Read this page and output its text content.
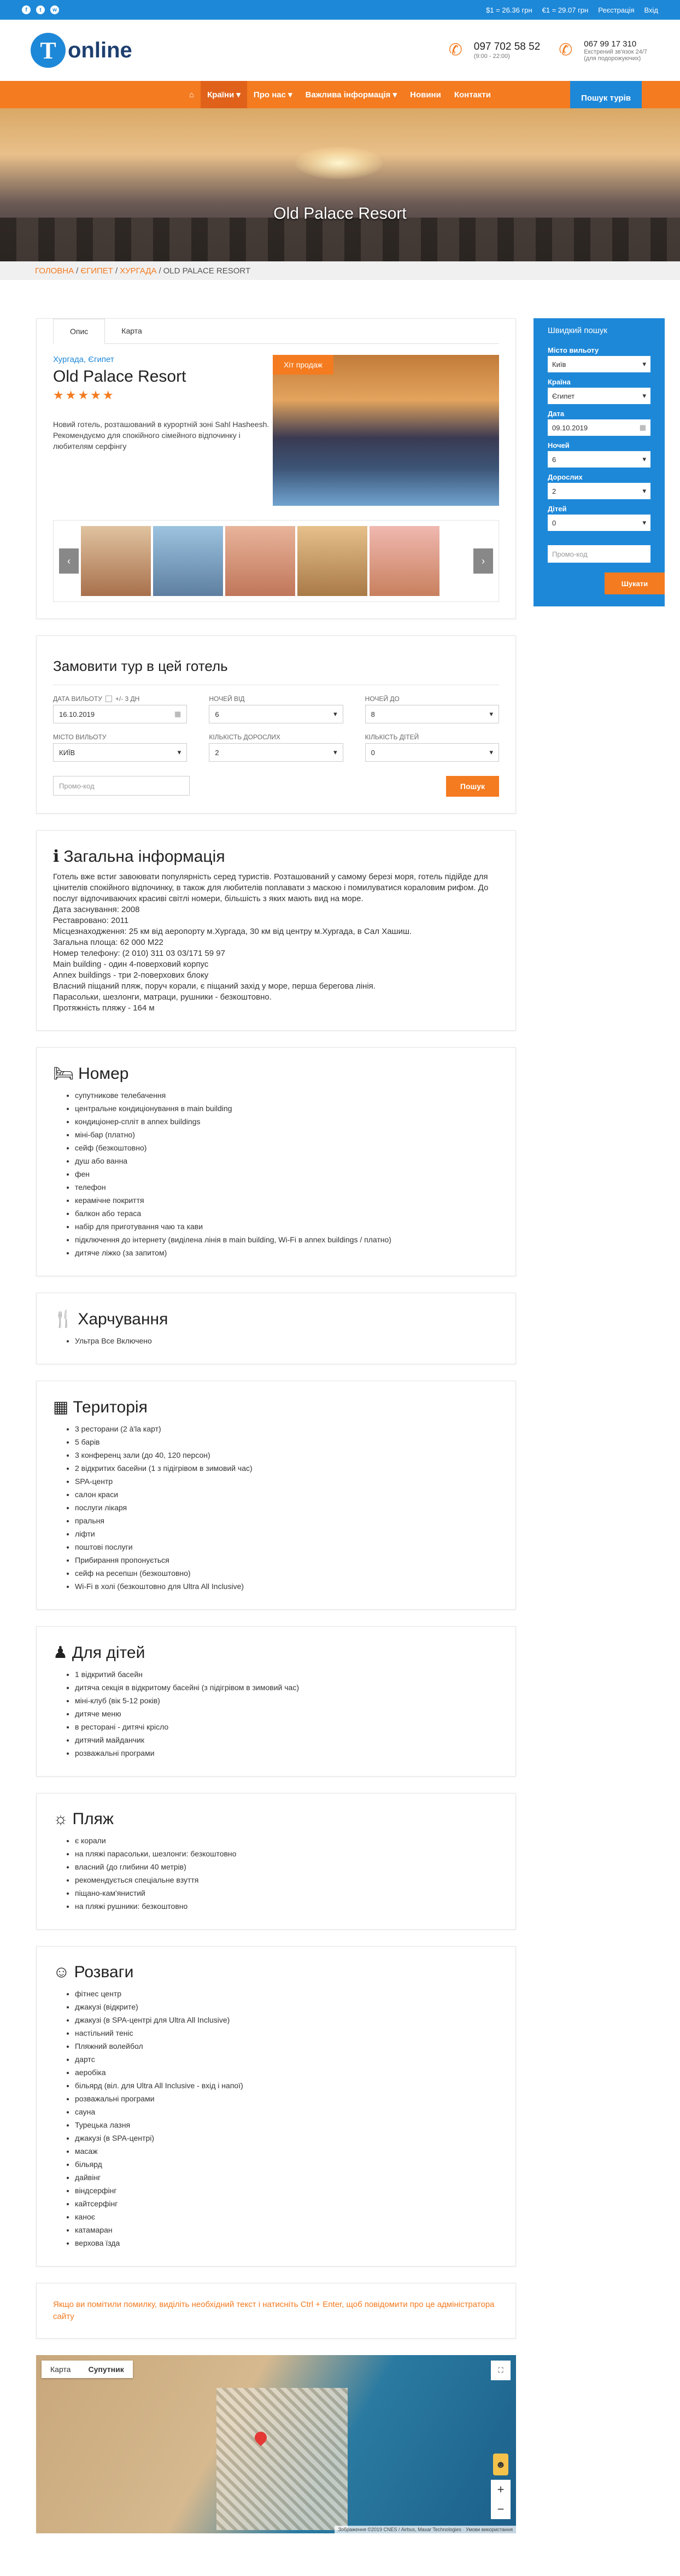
f	t	w	$1 = 26.36 грн €1 = 29.07 грн Реєстрація Вхід
T online	✆	097 702 58 52
(9:00 - 22:00)	✆	067 99 17 310
Екстрений зв'язок 24/7
(для подорожуючих)
⌂	Країни ▾	Про нас ▾	Важлива інформація ▾	Новини	Контакти	Пошук турів
Old Palace Resort
ГОЛОВНА / ЄГИПЕТ / ХУРГАДА / OLD PALACE RESORT
Опис	Карта
Хургада, Єгипет
Old Palace Resort
★★★★★
Новий готель, розташований в курортній зоні Sahl Hasheesh. Рекомендуємо для спокійного сімейного відпочинку і любителям серфінгу
Хіт продаж
‹	›
Замовити тур в цей готель
ДАТА ВИЛЬОТУ +/- 3 ДН
16.10.2019	▦
НОЧЕЙ ВІД
6	▾
НОЧЕЙ ДО
8	▾
МІСТО ВИЛЬОТУ
КИЇВ	▾
КІЛЬКІСТЬ ДОРОСЛИХ
2	▾
КІЛЬКІСТЬ ДІТЕЙ
0	▾
Промо-код	Пошук
ℹ Загальна інформація

Готель вже встиг завоювати популярність серед туристів. Розташований у самому березі моря, готель підійде для цінителів спокійного відпочинку, в також для любителів поплавати з маскою і помилуватися кораловим рифом. До послуг відпочиваючих красиві світлі номери, більшість з яких мають вид на море.

Дата заснування: 2008

Реставровано: 2011

Місцезнаходження: 25 км від аеропорту м.Хургада, 30 км від центру м.Хургада, в Сал Хашиш.

Загальна площа: 62 000 М22

Номер телефону: (2 010) 311 03 03/171 59 97

Main building - один 4-поверховий корпус

Annex buildings - три 2-поверхових блоку

Власний піщаний пляж, поруч корали, є піщаний захід у море, перша берегова лінія.

Парасольки, шезлонги, матраци, рушники - безкоштовно.

Протяжність пляжу - 164 м

🛏 Номер
• супутникове телебачення
• центральне кондиціонування в main building
• кондиціонер-спліт в annex buildings
• міні-бар (платно)
• сейф (безкоштовно)
• душ або ванна
• фен
• телефон
• керамічне покриття
• балкон або тераса
• набір для приготування чаю та кави
• підключення до інтернету (виділена лінія в main building, Wi-Fi в annex buildings / платно)
• дитяче ліжко (за запитом)
🍴 Харчування
• Ультра Все Включено
▦ Територія
• 3 ресторани (2 à'la карт)
• 5 барів
• 3 конференц зали (до 40, 120 персон)
• 2 відкритих басейни (1 з підігрівом в зимовий час)
• SPA-центр
• салон краси
• послуги лікаря
• пральня
• ліфти
• поштові послуги
• Прибирання пропонується
• сейф на ресепшн (безкоштовно)
• Wi-Fi в холі (безкоштовно для Ultra All Inclusive)
♟ Для дітей
• 1 відкритий басейн
• дитяча секція в відкритому басейні (з підігрівом в зимовий час)
• міні-клуб (вік 5-12 років)
• дитяче меню
• в ресторані - дитячі крісло
• дитячий майданчик
• розважальні програми
☼ Пляж
• є корали
• на пляжі парасольки, шезлонги: безкоштовно
• власний (до глибини 40 метрів)
• рекомендується спеціальне взуття
• піщано-кам'янистий
• на пляжі рушники: безкоштовно
☺ Розваги
• фітнес центр
• джакузі (відкрите)
• джакузі (в SPA-центрі для Ultra All Inclusive)
• настільний теніс
• Пляжний волейбол
• дартс
• аеробіка
• більярд (віл. для Ultra All Inclusive - вхід і напої)
• розважальні програми
• сауна
• Турецька лазня
• джакузі (в SPA-центрі)
• масаж
• більярд
• дайвінг
• віндсерфінг
• кайтсерфінг
• каноє
• катамаран
• верхова їзда
Якщо ви помітили помилку, виділіть необхідний текст і натисніть Ctrl + Enter, щоб повідомити про це адміністратора сайту
Карта	Супутник	⛶
☻
+
−
Зображення ©2019 CNES / Airbus, Maxar Technologies · Умови використання
Швидкий пошук
Місто вильоту
Київ	▾
Країна
Єгипет	▾
Дата
09.10.2019	▦
Ночей
6	▾
Дорослих
2	▾
Дітей
0	▾
Промо-код
Шукати
